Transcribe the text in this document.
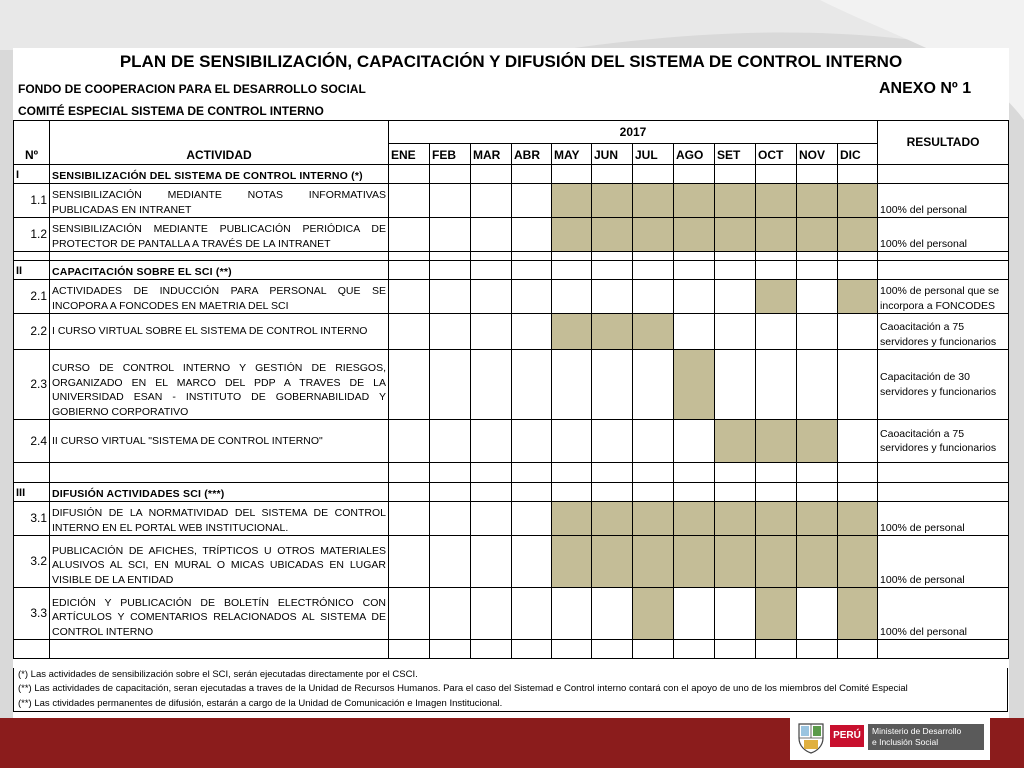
PLAN DE SENSIBILIZACIÓN, CAPACITACIÓN Y DIFUSIÓN DEL SISTEMA DE CONTROL INTERNO
FONDO DE COOPERACION PARA EL DESARROLLO SOCIAL
COMITÉ ESPECIAL SISTEMA DE CONTROL INTERNO
ANEXO Nº 1
Nº	ACTIVIDAD	2017												RESULTADO
		ENE	FEB	MAR	ABR	MAY	JUN	JUL	AGO	SET	OCT	NOV	DIC	
I	SENSIBILIZACIÓN DEL SISTEMA DE CONTROL INTERNO (*)													
1.1	SENSIBILIZACIÓN MEDIANTE NOTAS INFORMATIVAS PUBLICADAS EN INTRANET													100% del personal
1.2	SENSIBILIZACIÓN MEDIANTE PUBLICACIÓN PERIÓDICA DE PROTECTOR DE PANTALLA A TRAVÉS DE LA INTRANET													100% del personal

II	CAPACITACIÓN SOBRE EL SCI (**)													
2.1	ACTIVIDADES DE INDUCCIÓN PARA PERSONAL QUE SE INCOPORA A FONCODES EN MAETRIA DEL SCI													100% de personal que se incorpora a FONCODES
2.2	I CURSO VIRTUAL SOBRE EL SISTEMA DE CONTROL INTERNO													Caoacitación a 75 servidores y funcionarios
2.3	CURSO DE CONTROL INTERNO Y GESTIÓN DE RIESGOS, ORGANIZADO EN EL MARCO DEL PDP A TRAVES DE LA UNIVERSIDAD ESAN - INSTITUTO DE GOBERNABILIDAD Y GOBIERNO CORPORATIVO													Capacitación de 30 servidores y funcionarios
2.4	II CURSO VIRTUAL "SISTEMA DE CONTROL INTERNO"													Caoacitación a 75 servidores y funcionarios

III	DIFUSIÓN ACTIVIDADES SCI (***)													
3.1	DIFUSIÓN DE LA NORMATIVIDAD DEL SISTEMA DE CONTROL INTERNO EN EL PORTAL WEB INSTITUCIONAL.													100% de personal
3.2	PUBLICACIÓN DE AFICHES, TRÍPTICOS U OTROS MATERIALES ALUSIVOS AL SCI, EN MURAL O MICAS UBICADAS EN LUGAR VISIBLE DE LA ENTIDAD													100% de personal
3.3	EDICIÓN Y PUBLICACIÓN DE BOLETÍN ELECTRÓNICO CON ARTÍCULOS Y COMENTARIOS RELACIONADOS AL SISTEMA DE CONTROL INTERNO													100% del personal

(*) Las actividades de sensibilización sobre el SCI, serán ejecutadas directamente por el CSCI.
(**) Las actividades de capacitación, seran ejecutadas a traves de la Unidad de Recursos Humanos. Para el caso del Sistemad e Control interno contará con el apoyo de uno de los miembros del Comité Especial
(**) Las ctividades permanentes de difusión, estarán a cargo de la Unidad de Comunicación e Imagen Institucional.
PERÚ	Ministerio de Desarrollo
e Inclusión Social
